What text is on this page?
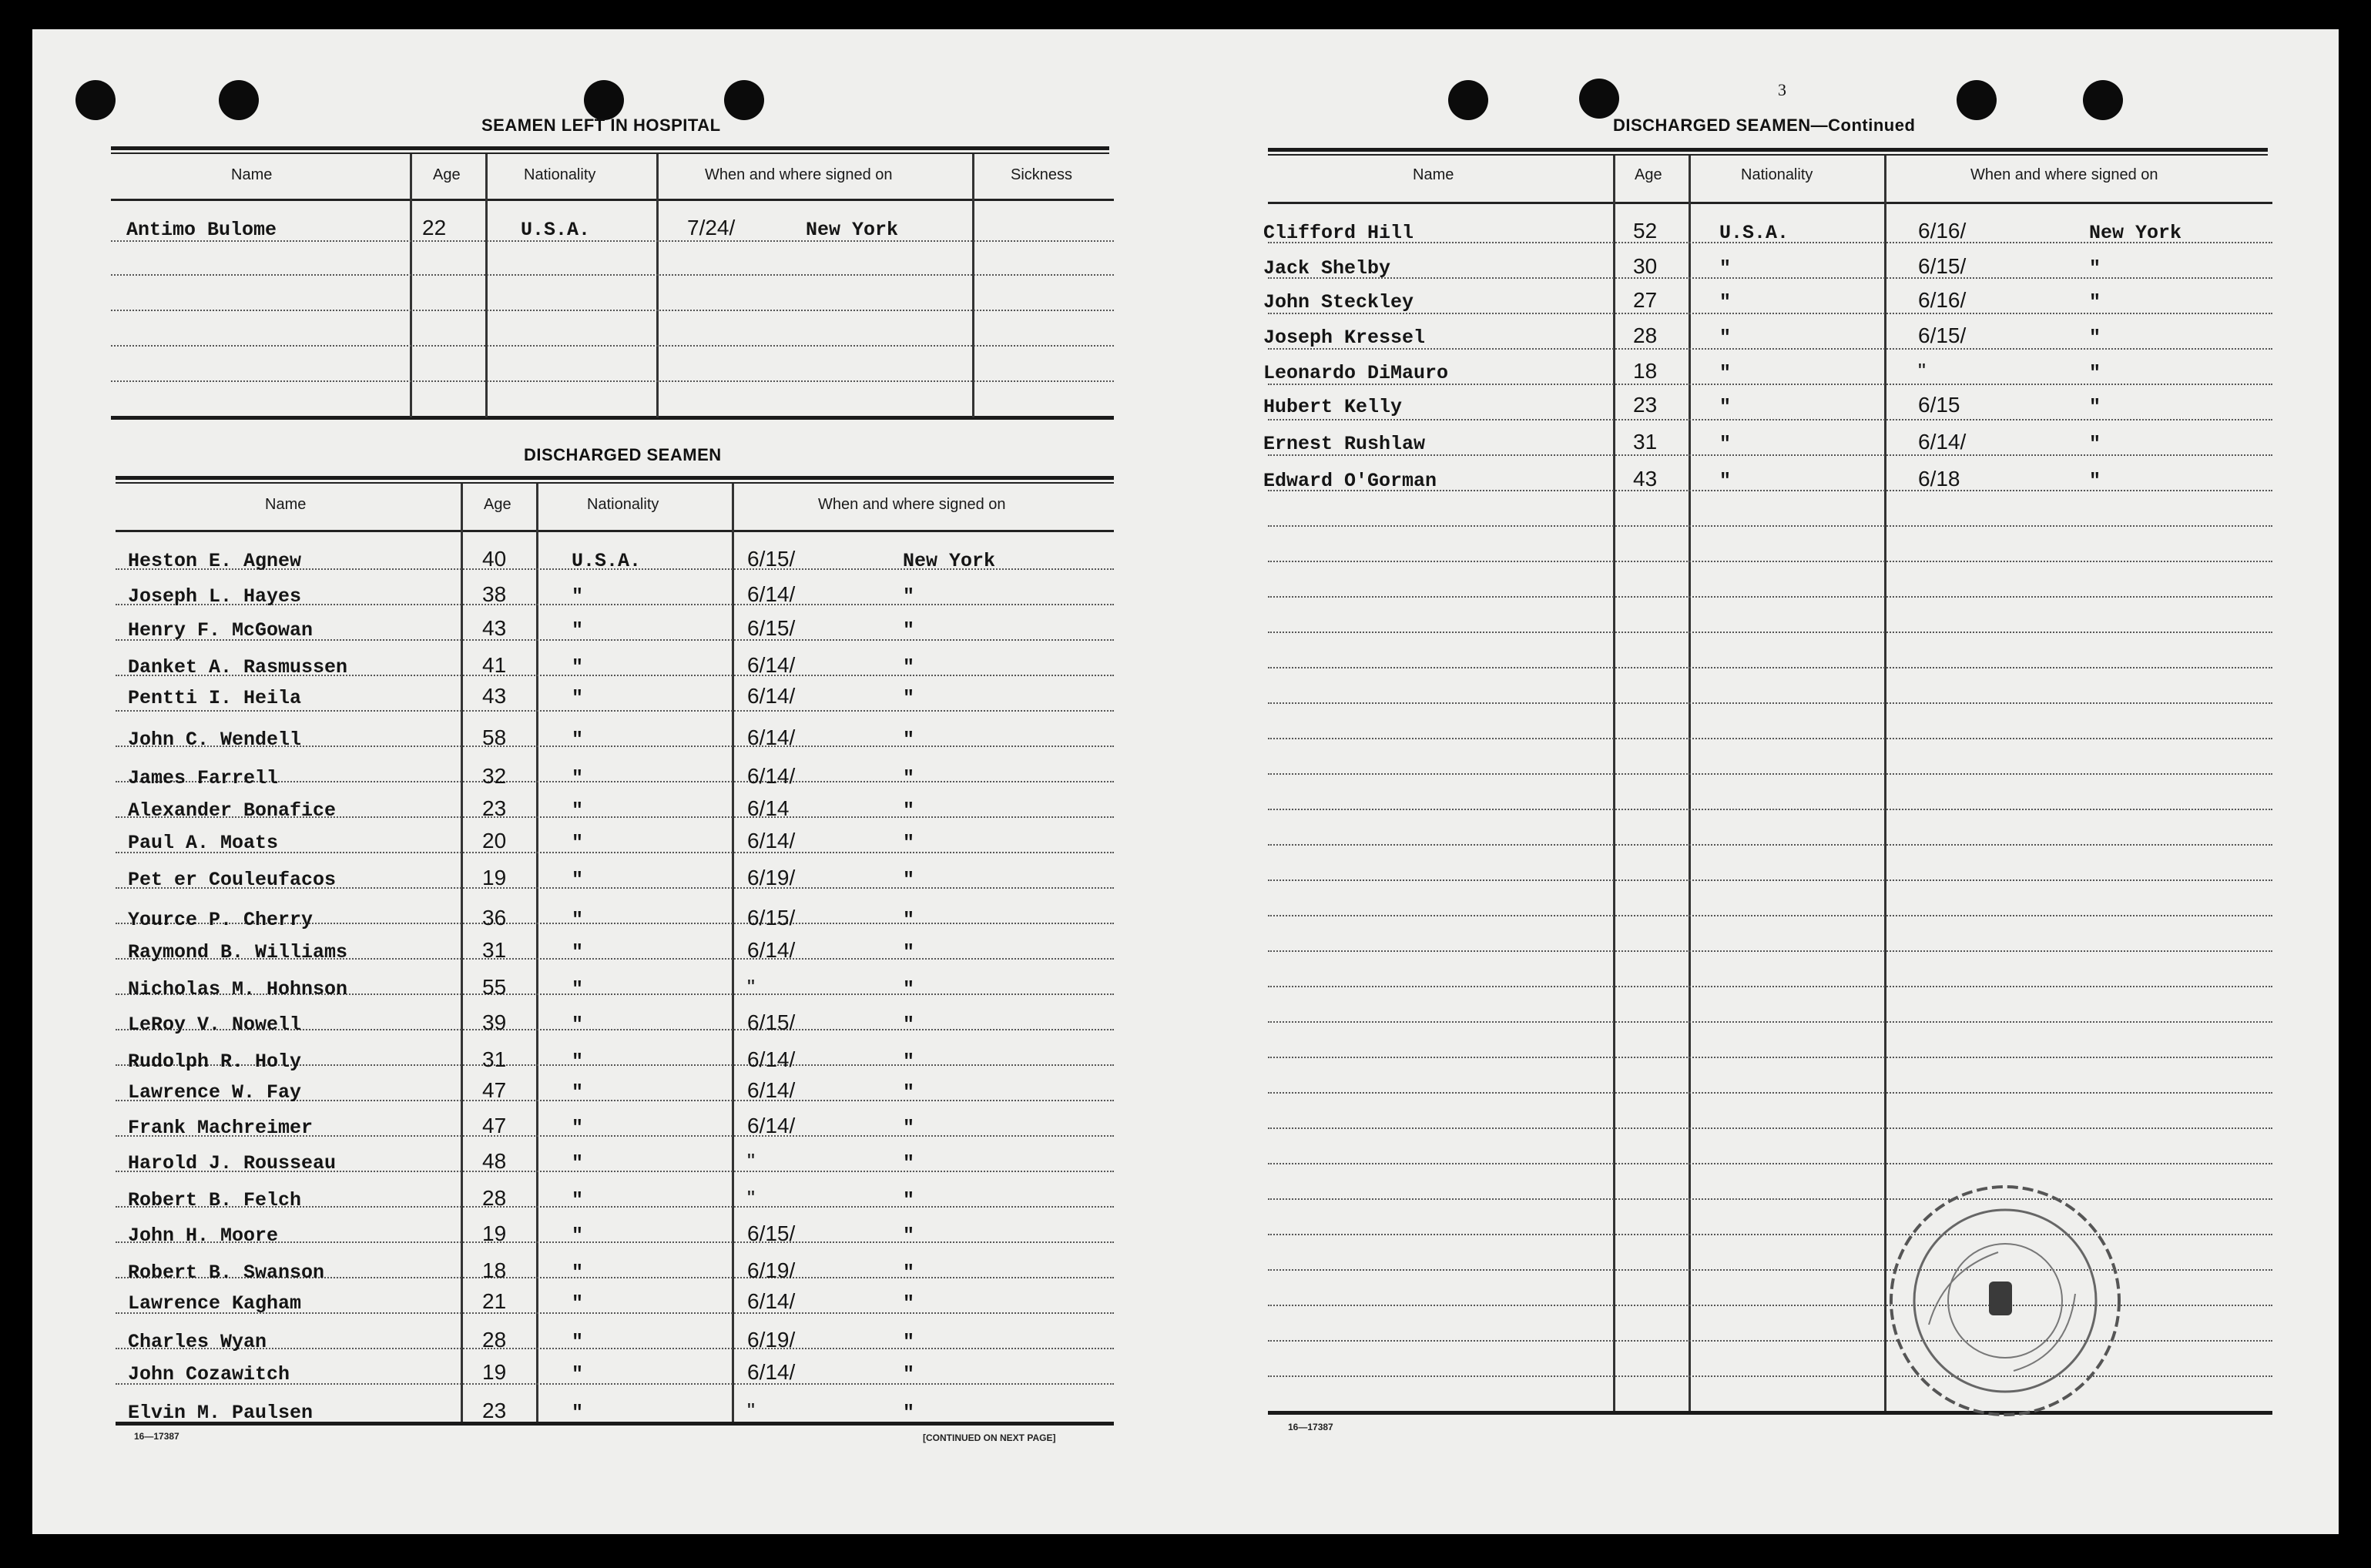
SEAMEN LEFT IN HOSPITAL
Name	Age	Nationality	When and where signed on	Sickness
Antimo Bulome	22	U.S.A.	7/24/	New York
DISCHARGED SEAMEN
Name	Age	Nationality	When and where signed on
Heston E. Agnew	40	U.S.A.	6/15/	New York
Joseph L. Hayes	38	"	6/14/	"
Henry F. McGowan	43	"	6/15/	"
Danket A. Rasmussen	41	"	6/14/	"
Pentti I. Heila	43	"	6/14/	"
John C. Wendell	58	"	6/14/	"
James Farrell	32	"	6/14/	"
Alexander Bonafice	23	"	6/14	"
Paul A. Moats	20	"	6/14/	"
Pet er Couleufacos	19	"	6/19/	"
Yource P. Cherry	36	"	6/15/	"
Raymond B. Williams	31	"	6/14/	"
Nicholas M. Hohnson	55	"	"	"
LeRoy V. Nowell	39	"	6/15/	"
Rudolph R. Holy	31	"	6/14/	"
Lawrence W. Fay	47	"	6/14/	"
Frank Machreimer	47	"	6/14/	"
Harold J. Rousseau	48	"	"	"
Robert B. Felch	28	"	"	"
John H. Moore	19	"	6/15/	"
Robert B. Swanson	18	"	6/19/	"
Lawrence Kagham	21	"	6/14/	"
Charles Wyan	28	"	6/19/	"
John Cozawitch	19	"	6/14/	"
Elvin M. Paulsen	23	"	"	"
16—17387	[CONTINUED ON NEXT PAGE]
3
DISCHARGED SEAMEN—Continued
Name	Age	Nationality	When and where signed on
Clifford Hill	52	U.S.A.	6/16/	New York
Jack Shelby	30	"	6/15/	"
John Steckley	27	"	6/16/	"
Joseph Kressel	28	"	6/15/	"
Leonardo DiMauro	18	"	"	"
Hubert Kelly	23	"	6/15	"
Ernest Rushlaw	31	"	6/14/	"
Edward O'Gorman	43	"	6/18	"
16—17387
